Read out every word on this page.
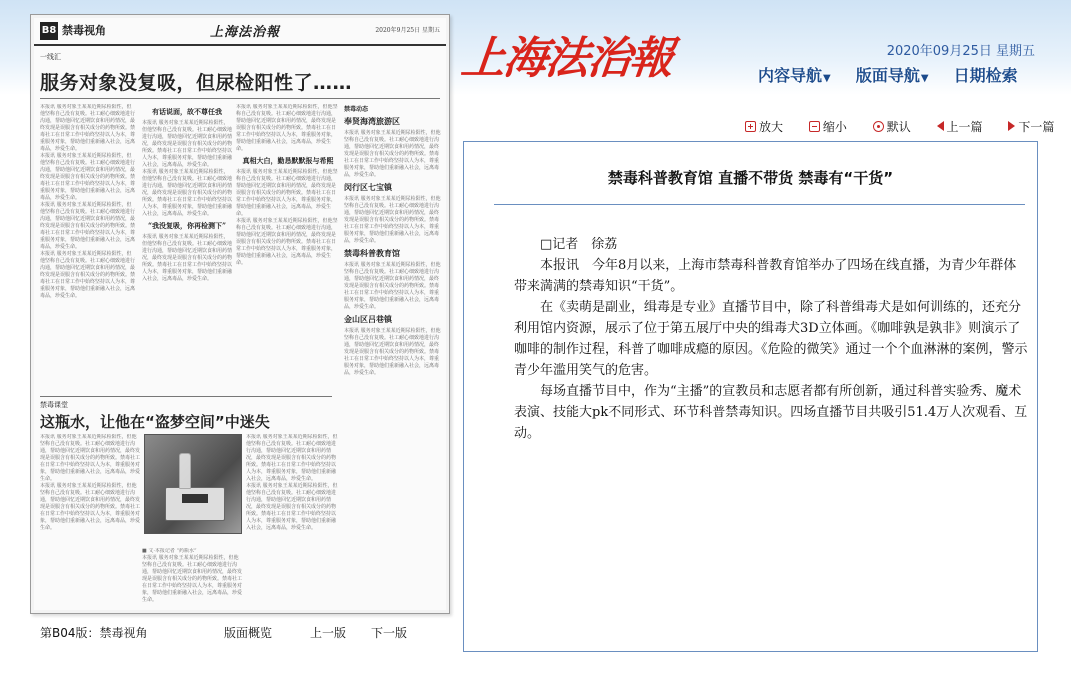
B8 禁毒视角	上海法治報	2020年9月25日 星期五
一线汇
服务对象没复吸，但尿检阳性了……
本报讯 服务对象王某某近期尿检阳性，但他坚称自己没有复吸。社工耐心细致地进行沟通，帮助他回忆近期饮食和用药情况，最终发现是误服含有相关成分的药物所致。禁毒社工在日常工作中始终坚持以人为本，尊重服务对象，帮助他们重新融入社会，远离毒品，珍爱生命。
本报讯 服务对象王某某近期尿检阳性，但他坚称自己没有复吸。社工耐心细致地进行沟通，帮助他回忆近期饮食和用药情况，最终发现是误服含有相关成分的药物所致。禁毒社工在日常工作中始终坚持以人为本，尊重服务对象，帮助他们重新融入社会，远离毒品，珍爱生命。
本报讯 服务对象王某某近期尿检阳性，但他坚称自己没有复吸。社工耐心细致地进行沟通，帮助他回忆近期饮食和用药情况，最终发现是误服含有相关成分的药物所致。禁毒社工在日常工作中始终坚持以人为本，尊重服务对象，帮助他们重新融入社会，远离毒品，珍爱生命。
本报讯 服务对象王某某近期尿检阳性，但他坚称自己没有复吸。社工耐心细致地进行沟通，帮助他回忆近期饮食和用药情况，最终发现是误服含有相关成分的药物所致。禁毒社工在日常工作中始终坚持以人为本，尊重服务对象，帮助他们重新融入社会，远离毒品，珍爱生命。
有话说面，故不尊任我
本报讯 服务对象王某某近期尿检阳性，但他坚称自己没有复吸。社工耐心细致地进行沟通，帮助他回忆近期饮食和用药情况，最终发现是误服含有相关成分的药物所致。禁毒社工在日常工作中始终坚持以人为本，尊重服务对象，帮助他们重新融入社会，远离毒品，珍爱生命。
本报讯 服务对象王某某近期尿检阳性，但他坚称自己没有复吸。社工耐心细致地进行沟通，帮助他回忆近期饮食和用药情况，最终发现是误服含有相关成分的药物所致。禁毒社工在日常工作中始终坚持以人为本，尊重服务对象，帮助他们重新融入社会，远离毒品，珍爱生命。
“我没复吸，你再检测下”
本报讯 服务对象王某某近期尿检阳性，但他坚称自己没有复吸。社工耐心细致地进行沟通，帮助他回忆近期饮食和用药情况，最终发现是误服含有相关成分的药物所致。禁毒社工在日常工作中始终坚持以人为本，尊重服务对象，帮助他们重新融入社会，远离毒品，珍爱生命。
本报讯 服务对象王某某近期尿检阳性，但他坚称自己没有复吸。社工耐心细致地进行沟通，帮助他回忆近期饮食和用药情况，最终发现是误服含有相关成分的药物所致。禁毒社工在日常工作中始终坚持以人为本，尊重服务对象，帮助他们重新融入社会，远离毒品，珍爱生命。
真相大白，勤恳默默报与希熙
本报讯 服务对象王某某近期尿检阳性，但他坚称自己没有复吸。社工耐心细致地进行沟通，帮助他回忆近期饮食和用药情况，最终发现是误服含有相关成分的药物所致。禁毒社工在日常工作中始终坚持以人为本，尊重服务对象，帮助他们重新融入社会，远离毒品，珍爱生命。
本报讯 服务对象王某某近期尿检阳性，但他坚称自己没有复吸。社工耐心细致地进行沟通，帮助他回忆近期饮食和用药情况，最终发现是误服含有相关成分的药物所致。禁毒社工在日常工作中始终坚持以人为本，尊重服务对象，帮助他们重新融入社会，远离毒品，珍爱生命。
禁毒动态
奉贤海湾旅游区
本报讯 服务对象王某某近期尿检阳性，但他坚称自己没有复吸。社工耐心细致地进行沟通，帮助他回忆近期饮食和用药情况，最终发现是误服含有相关成分的药物所致。禁毒社工在日常工作中始终坚持以人为本，尊重服务对象，帮助他们重新融入社会，远离毒品，珍爱生命。
闵行区七宝镇
本报讯 服务对象王某某近期尿检阳性，但他坚称自己没有复吸。社工耐心细致地进行沟通，帮助他回忆近期饮食和用药情况，最终发现是误服含有相关成分的药物所致。禁毒社工在日常工作中始终坚持以人为本，尊重服务对象，帮助他们重新融入社会，远离毒品，珍爱生命。
禁毒科普教育馆
本报讯 服务对象王某某近期尿检阳性，但他坚称自己没有复吸。社工耐心细致地进行沟通，帮助他回忆近期饮食和用药情况，最终发现是误服含有相关成分的药物所致。禁毒社工在日常工作中始终坚持以人为本，尊重服务对象，帮助他们重新融入社会，远离毒品，珍爱生命。
金山区吕巷镇
本报讯 服务对象王某某近期尿检阳性，但他坚称自己没有复吸。社工耐心细致地进行沟通，帮助他回忆近期饮食和用药情况，最终发现是误服含有相关成分的药物所致。禁毒社工在日常工作中始终坚持以人为本，尊重服务对象，帮助他们重新融入社会，远离毒品，珍爱生命。
禁毒课堂
这瓶水，让他在“盗梦空间”中迷失
本报讯 服务对象王某某近期尿检阳性，但他坚称自己没有复吸。社工耐心细致地进行沟通，帮助他回忆近期饮食和用药情况，最终发现是误服含有相关成分的药物所致。禁毒社工在日常工作中始终坚持以人为本，尊重服务对象，帮助他们重新融入社会，远离毒品，珍爱生命。
本报讯 服务对象王某某近期尿检阳性，但他坚称自己没有复吸。社工耐心细致地进行沟通，帮助他回忆近期饮食和用药情况，最终发现是误服含有相关成分的药物所致。禁毒社工在日常工作中始终坚持以人为本，尊重服务对象，帮助他们重新融入社会，远离毒品，珍爱生命。
■ 文·本报记者 “药瓶水”
本报讯 服务对象王某某近期尿检阳性，但他坚称自己没有复吸。社工耐心细致地进行沟通，帮助他回忆近期饮食和用药情况，最终发现是误服含有相关成分的药物所致。禁毒社工在日常工作中始终坚持以人为本，尊重服务对象，帮助他们重新融入社会，远离毒品，珍爱生命。
本报讯 服务对象王某某近期尿检阳性，但他坚称自己没有复吸。社工耐心细致地进行沟通，帮助他回忆近期饮食和用药情况，最终发现是误服含有相关成分的药物所致。禁毒社工在日常工作中始终坚持以人为本，尊重服务对象，帮助他们重新融入社会，远离毒品，珍爱生命。
本报讯 服务对象王某某近期尿检阳性，但他坚称自己没有复吸。社工耐心细致地进行沟通，帮助他回忆近期饮食和用药情况，最终发现是误服含有相关成分的药物所致。禁毒社工在日常工作中始终坚持以人为本，尊重服务对象，帮助他们重新融入社会，远离毒品，珍爱生命。
第B04版：禁毒视角	版面概览	上一版 下一版
上海法治報	2020年09月25日 星期五
内容导航▼ 版面导航▼ 日期检索
放大	缩小	默认	上一篇	下一篇
禁毒科普教育馆 直播不带货 禁毒有“干货”

□记者　徐荔

本报讯　今年8月以来，上海市禁毒科普教育馆举办了四场在线直播，为青少年群体带来満满的禁毒知识“干货”。

在《卖萌是副业，缉毒是专业》直播节目中，除了科普缉毒犬是如何训练的，还充分利用馆内资源，展示了位于第五展厅中央的缉毒犬3D立体画。《咖啡孰是孰非》则演示了咖啡的制作过程，科普了咖啡成瘾的原因。《危险的微笑》通过一个个血淋淋的案例，警示青少年滥用笑气的危害。

每场直播节目中，作为“主播”的宣教员和志愿者都有所创新，通过科普实验秀、魔术表演、技能大pk不同形式、环节科普禁毒知识。四场直播节目共吸引51.4万人次观看、互动。
